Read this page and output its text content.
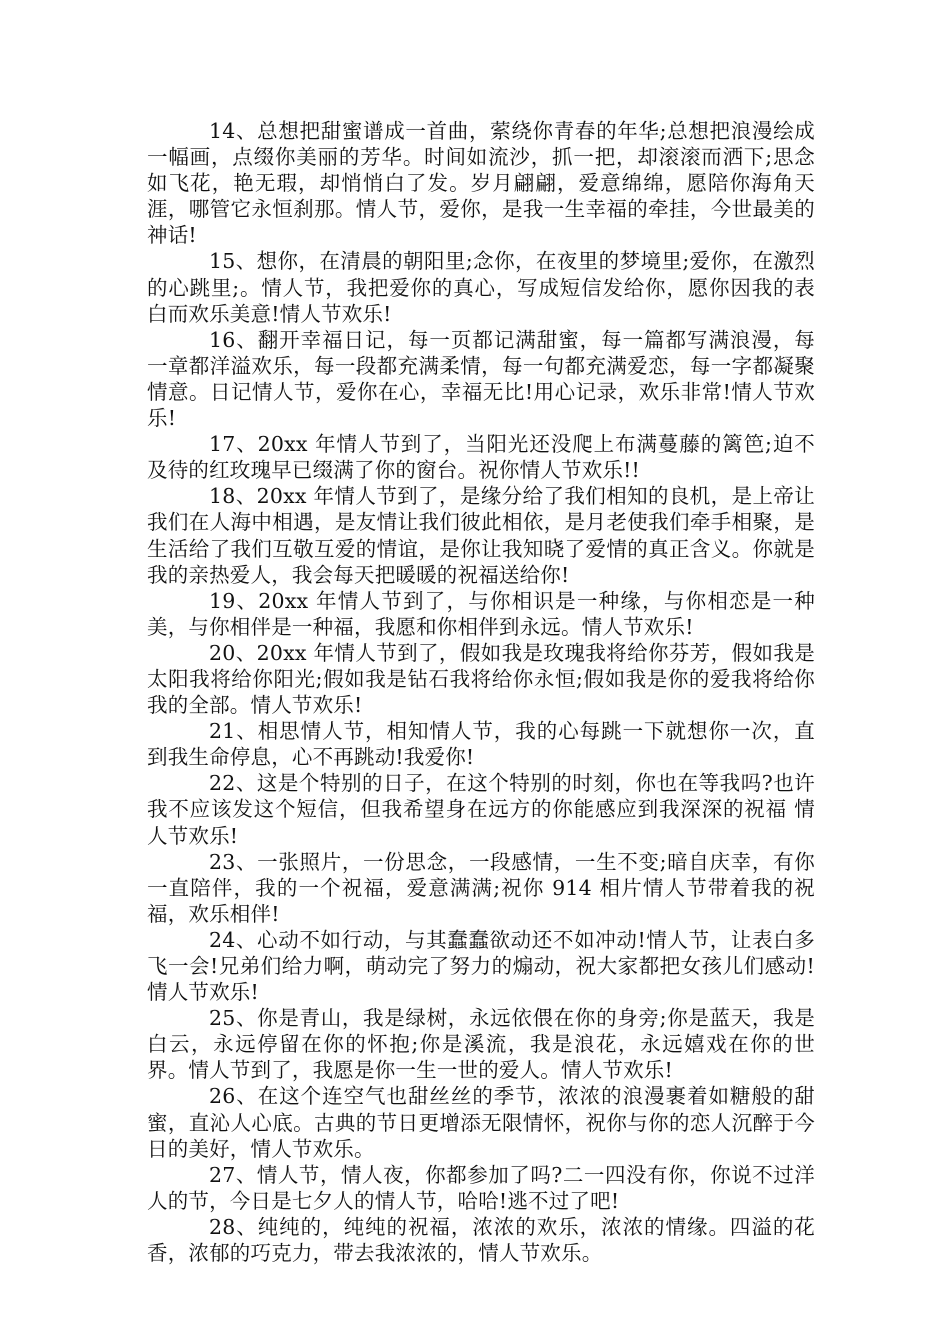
14、总想把甜蜜谱成一首曲，萦绕你青春的年华;总想把浪漫绘成一幅画，点缀你美丽的芳华。时间如流沙，抓一把，却滚滚而洒下;思念如飞花，艳无瑕，却悄悄白了发。岁月翩翩，爱意绵绵，愿陪你海角天涯，哪管它永恒刹那。情人节，爱你，是我一生幸福的牵挂，今世最美的神话!

15、想你，在清晨的朝阳里;念你，在夜里的梦境里;爱你，在激烈的心跳里;。情人节，我把爱你的真心，写成短信发给你，愿你因我的表白而欢乐美意!情人节欢乐!

16、翻开幸福日记，每一页都记满甜蜜，每一篇都写满浪漫，每一章都洋溢欢乐，每一段都充满柔情，每一句都充满爱恋，每一字都凝聚情意。日记情人节，爱你在心，幸福无比!用心记录，欢乐非常!情人节欢乐!

17、20xx 年情人节到了，当阳光还没爬上布满蔓藤的篱笆;迫不及待的红玫瑰早已缀满了你的窗台。祝你情人节欢乐!!

18、20xx 年情人节到了，是缘分给了我们相知的良机，是上帝让我们在人海中相遇，是友情让我们彼此相依，是月老使我们牵手相聚，是生活给了我们互敬互爱的情谊，是你让我知晓了爱情的真正含义。你就是我的亲热爱人，我会每天把暖暖的祝福送给你!

19、20xx 年情人节到了，与你相识是一种缘，与你相恋是一种美，与你相伴是一种福，我愿和你相伴到永远。情人节欢乐!

20、20xx 年情人节到了，假如我是玫瑰我将给你芬芳，假如我是太阳我将给你阳光;假如我是钻石我将给你永恒;假如我是你的爱我将给你我的全部。情人节欢乐!

21、相思情人节，相知情人节，我的心每跳一下就想你一次，直到我生命停息，心不再跳动!我爱你!

22、这是个特别的日子，在这个特别的时刻，你也在等我吗?也许我不应该发这个短信，但我希望身在远方的你能感应到我深深的祝福 情人节欢乐!

23、一张照片，一份思念，一段感情，一生不变;暗自庆幸，有你一直陪伴，我的一个祝福，爱意满满;祝你 914 相片情人节带着我的祝福，欢乐相伴!

24、心动不如行动，与其蠢蠢欲动还不如冲动!情人节，让表白多飞一会!兄弟们给力啊，萌动完了努力的煽动，祝大家都把女孩儿们感动!情人节欢乐!

25、你是青山，我是绿树，永远依偎在你的身旁;你是蓝天，我是白云，永远停留在你的怀抱;你是溪流，我是浪花，永远嬉戏在你的世界。情人节到了，我愿是你一生一世的爱人。情人节欢乐!

26、在这个连空气也甜丝丝的季节，浓浓的浪漫裹着如糖般的甜蜜，直沁人心底。古典的节日更增添无限情怀，祝你与你的恋人沉醉于今日的美好，情人节欢乐。

27、情人节，情人夜，你都参加了吗?二一四没有你，你说不过洋人的节，今日是七夕人的情人节，哈哈!逃不过了吧!

28、纯纯的，纯纯的祝福，浓浓的欢乐，浓浓的情缘。四溢的花香，浓郁的巧克力，带去我浓浓的，情人节欢乐。
